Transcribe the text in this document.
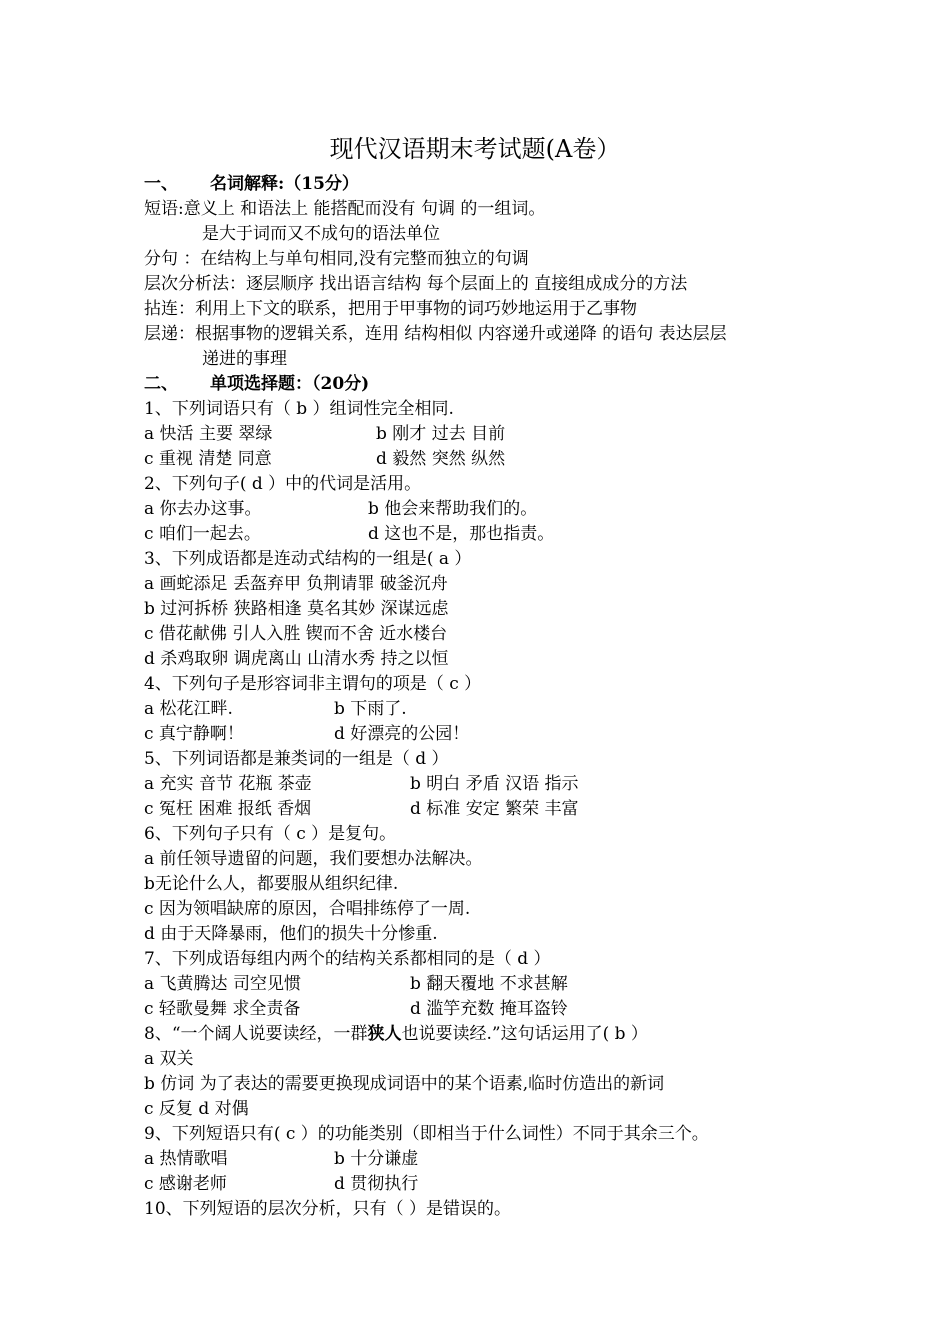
现代汉语期末考试题(A卷）
一、 名词解释:（15分）
短语:意义上 和语法上 能搭配而没有 句调 的一组词。
是大于词而又不成句的语法单位
分句 ：在结构上与单句相同,没有完整而独立的句调
层次分析法：逐层顺序 找出语言结构 每个层面上的 直接组成成分的方法
拈连：利用上下文的联系，把用于甲事物的词巧妙地运用于乙事物
层递：根据事物的逻辑关系，连用 结构相似 内容递升或递降 的语句 表达层层
递进的事理
二、 单项选择题：（20分)
1、下列词语只有（ b ）组词性完全相同.
a 快活 主要 翠绿	b 刚才 过去 目前
c 重视 清楚 同意	d 毅然 突然 纵然
2、下列句子( d ）中的代词是活用。
a 你去办这事。	b 他会来帮助我们的。
c 咱们一起去。	d 这也不是，那也指责。
3、下列成语都是连动式结构的一组是( a ）
a 画蛇添足 丢盔弃甲 负荆请罪 破釜沉舟
b 过河拆桥 狭路相逢 莫名其妙 深谋远虑
c 借花献佛 引人入胜 锲而不舍 近水楼台
d 杀鸡取卵 调虎离山 山清水秀 持之以恒
4、下列句子是形容词非主谓句的项是（ c ）
a 松花江畔.	b 下雨了.
c 真宁静啊！	d 好漂亮的公园！
5、下列词语都是兼类词的一组是（ d ）
a 充实 音节 花瓶 茶壶	b 明白 矛盾 汉语 指示
c 冤枉 困难 报纸 香烟	d 标准 安定 繁荣 丰富
6、下列句子只有（ c ）是复句。
a 前任领导遗留的问题，我们要想办法解决。
b无论什么人，都要服从组织纪律.
c 因为领唱缺席的原因，合唱排练停了一周.
d 由于天降暴雨，他们的损失十分惨重.
7、下列成语每组内两个的结构关系都相同的是（ d ）
a 飞黄腾达 司空见惯	b 翻天覆地 不求甚解
c 轻歌曼舞 求全责备	d 滥竽充数 掩耳盗铃
8、“一个阔人说要读经，一群狭人也说要读经.”这句话运用了( b ）
a 双关
b 仿词 为了表达的需要更换现成词语中的某个语素,临时仿造出的新词
c 反复 d 对偶
9、下列短语只有( c ）的功能类别（即相当于什么词性）不同于其余三个。
a 热情歌唱	b 十分谦虚
c 感谢老师	d 贯彻执行
10、下列短语的层次分析，只有（ ）是错误的。
